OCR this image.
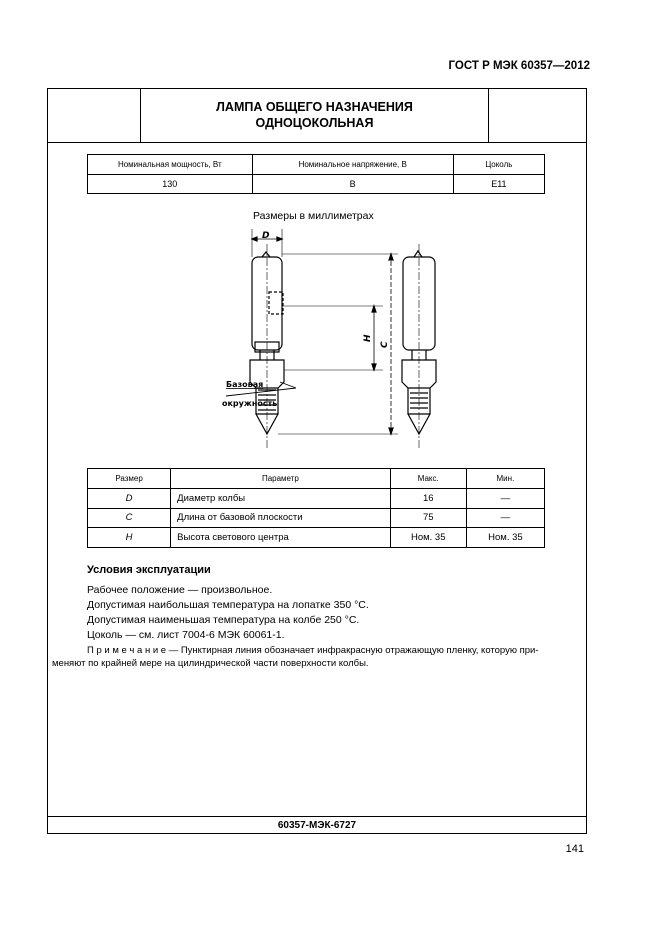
ГОСТ Р МЭК 60357—2012
ЛАМПА ОБЩЕГО НАЗНАЧЕНИЯ
ОДНОЦОКОЛЬНАЯ
Номинальная мощность, Вт	Номинальное напряжение, В	Цоколь
130	В	E11
Размеры в миллиметрах
D
H
C
Базовая
окружность
Размер	Параметр	Макс.	Мин.
D	Диаметр колбы	16	—
C	Длина от базовой плоскости	75	—
H	Высота светового центра	Ном. 35	Ном. 35
Условия эксплуатации
Рабочее положение — произвольное.
Допустимая наибольшая температура на лопатке 350 °С.
Допустимая наименьшая температура на колбе 250 °С.
Цоколь — см. лист 7004-6 МЭК 60061-1.
П р и м е ч а н и е — Пунктирная линия обозначает инфракрасную отражающую пленку, которую при-
меняют по крайней мере на цилиндрической части поверхности колбы.
60357-МЭК-6727
141
